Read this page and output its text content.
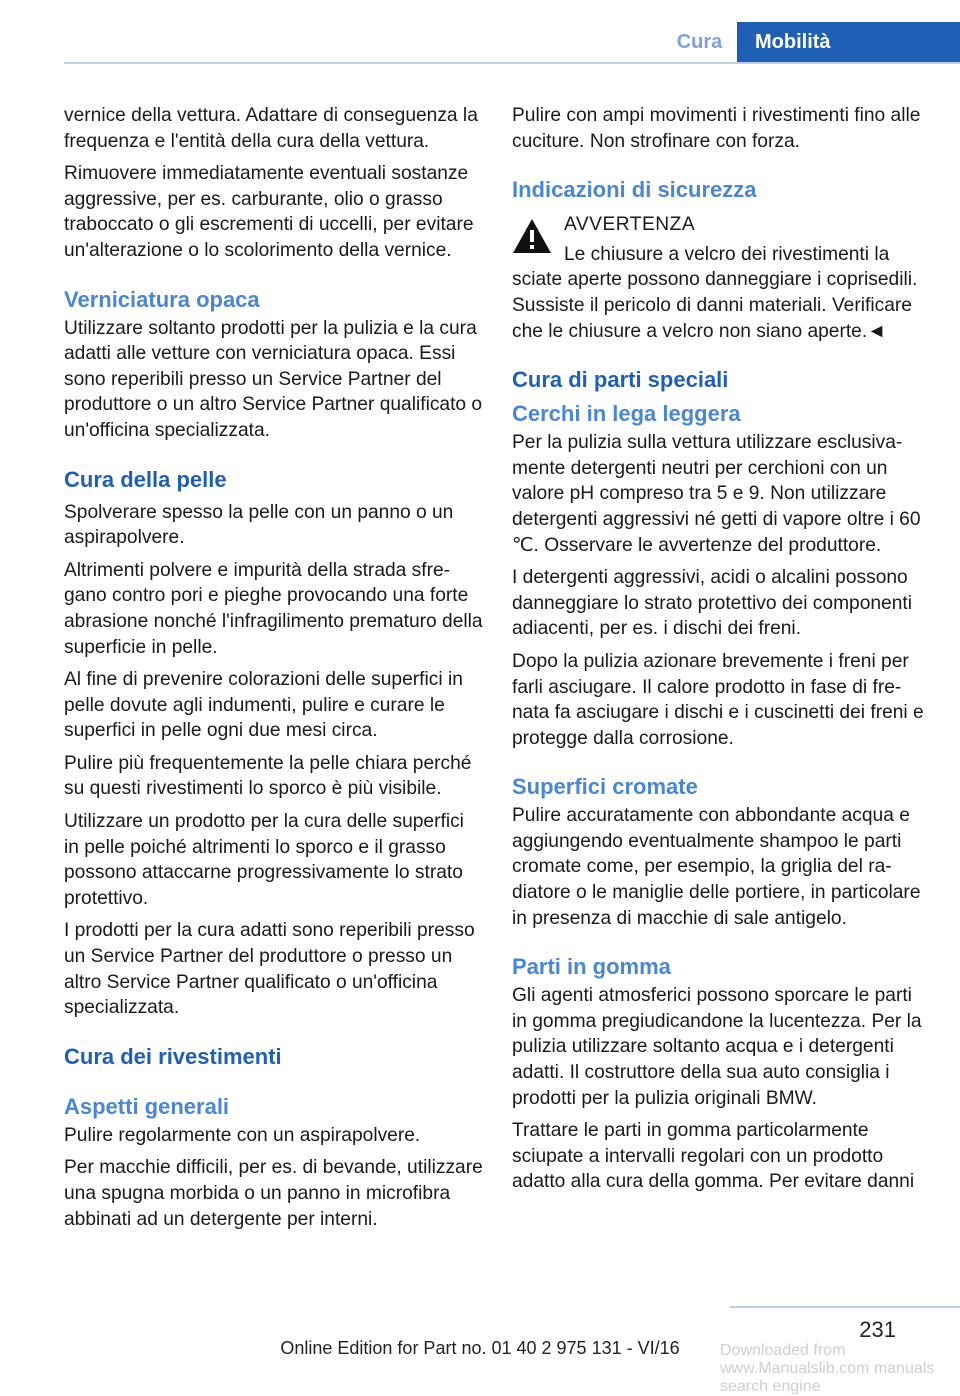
Cura	Mobilità

vernice della vettura. Adattare di conseguenza la frequenza e l'entità della cura della vettura.

Rimuovere immediatamente eventuali sostanze aggressive, per es. carburante, olio o grasso traboccato o gli escrementi di uccelli, per evitare un'alterazione o lo scolorimento della vernice.

Verniciatura opaca

Utilizzare soltanto prodotti per la pulizia e la cura adatti alle vetture con verniciatura opaca. Essi sono reperibili presso un Service Partner del produttore o un altro Service Partner qualificato o un'officina specializzata.

Cura della pelle

Spolverare spesso la pelle con un panno o un aspirapolvere.

Altrimenti polvere e impurità della strada sfregano contro pori e pieghe provocando una forte abrasione nonché l'infragilimento prematuro della superficie in pelle.

Al fine di prevenire colorazioni delle superfici in pelle dovute agli indumenti, pulire e curare le superfici in pelle ogni due mesi circa.

Pulire più frequentemente la pelle chiara perché su questi rivestimenti lo sporco è più visibile.

Utilizzare un prodotto per la cura delle superfici in pelle poiché altrimenti lo sporco e il grasso possono attaccarne progressivamente lo strato protettivo.

I prodotti per la cura adatti sono reperibili presso un Service Partner del produttore o presso un altro Service Partner qualificato o un'officina specializzata.

Cura dei rivestimenti
Aspetti generali

Pulire regolarmente con un aspirapolvere.

Per macchie difficili, per es. di bevande, utilizzare una spugna morbida o un panno in microfibra abbinati ad un detergente per interni.

Pulire con ampi movimenti i rivestimenti fino alle cuciture. Non strofinare con forza.

Indicazioni di sicurezza
AVVERTENZA
Le chiusure a velcro dei rivestimenti la

sciate aperte possono danneggiare i coprisedili. Sussiste il pericolo di danni materiali. Verificare che le chiusure a velcro non siano aperte.◄

Cura di parti speciali
Cerchi in lega leggera

Per la pulizia sulla vettura utilizzare esclusivamente detergenti neutri per cerchioni con un valore pH compreso tra 5 e 9. Non utilizzare detergenti aggressivi né getti di vapore oltre i 60 ℃. Osservare le avvertenze del produttore.

I detergenti aggressivi, acidi o alcalini possono danneggiare lo strato protettivo dei componenti adiacenti, per es. i dischi dei freni.

Dopo la pulizia azionare brevemente i freni per farli asciugare. Il calore prodotto in fase di frenata fa asciugare i dischi e i cuscinetti dei freni e protegge dalla corrosione.

Superfici cromate

Pulire accuratamente con abbondante acqua e aggiungendo eventualmente shampoo le parti cromate come, per esempio, la griglia del radiatore o le maniglie delle portiere, in particolare in presenza di macchie di sale antigelo.

Parti in gomma

Gli agenti atmosferici possono sporcare le parti in gomma pregiudicandone la lucentezza. Per la pulizia utilizzare soltanto acqua e i detergenti adatti. Il costruttore della sua auto consiglia i prodotti per la pulizia originali BMW.

Trattare le parti in gomma particolarmente sciupate a intervalli regolari con un prodotto adatto alla cura della gomma. Per evitare danni

231
Online Edition for Part no. 01 40 2 975 131 - VI/16	Downloaded from www.Manualslib.com manuals search engine
